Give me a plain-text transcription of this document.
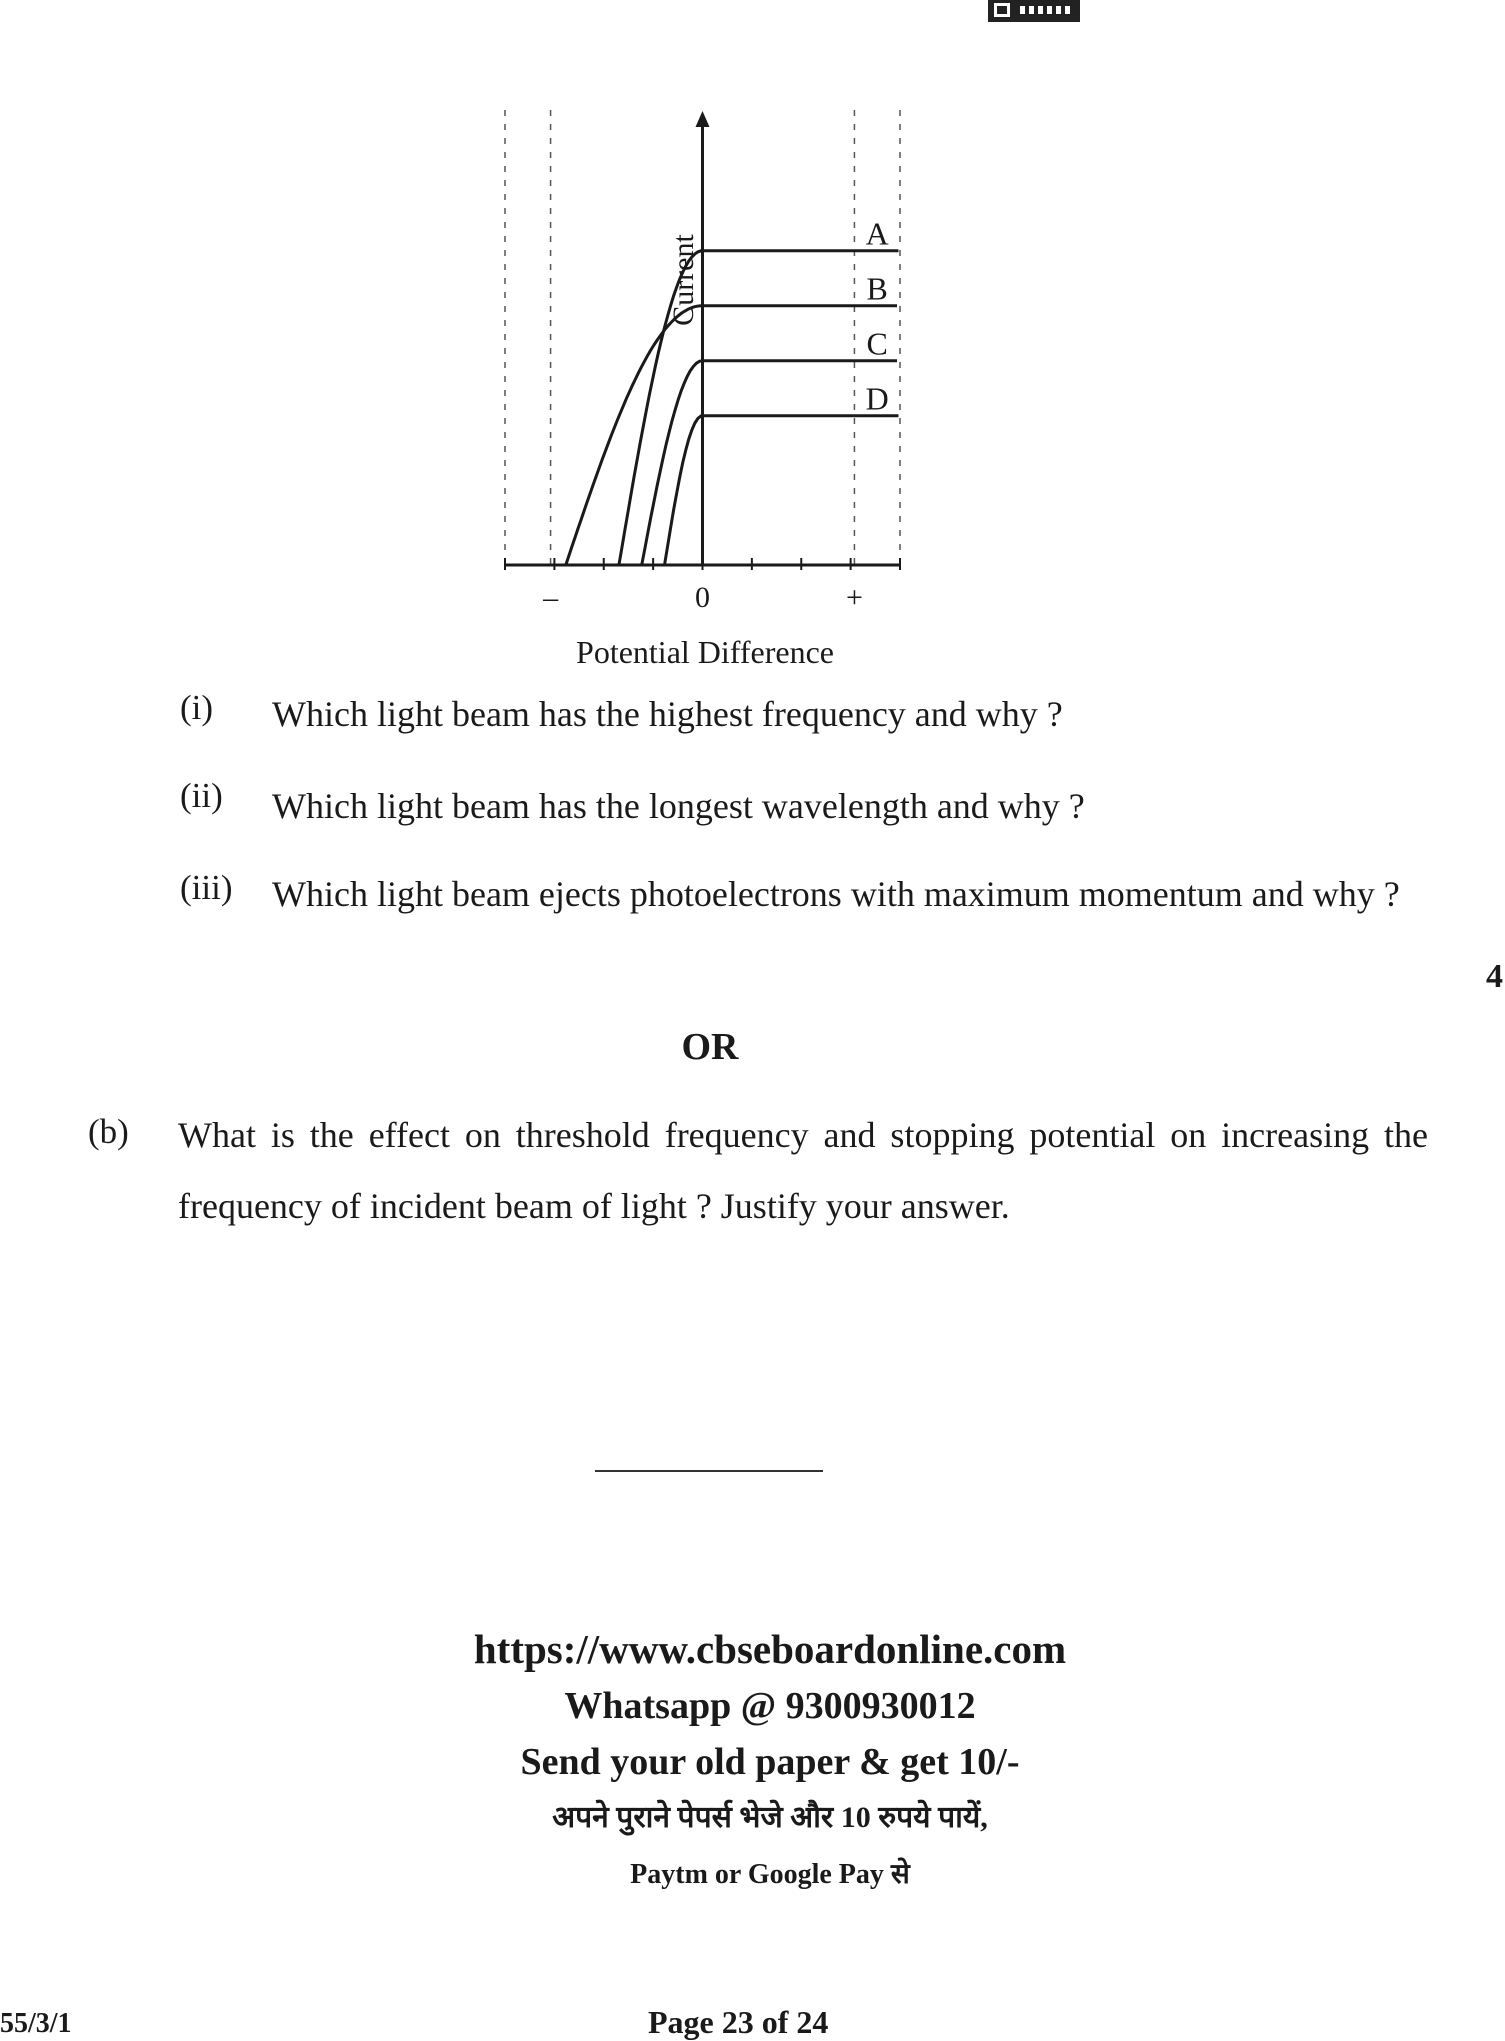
A
B
C
D
–	0	+
Current
Potential Difference
(i) Which light beam has the highest frequency and why ?
(ii) Which light beam has the longest wavelength and why ?
(iii) Which light beam ejects photoelectrons with maximum momentum and why ?
4
OR
(b) What is the effect on threshold frequency and stopping potential on increasing the frequency of incident beam of light ? Justify your answer.
https://www.cbseboardonline.com
Whatsapp @ 9300930012
Send your old paper & get 10/-
अपने पुराने पेपर्स भेजे और 10 रुपये पायें,
Paytm or Google Pay से
55/3/1	Page 23 of 24
